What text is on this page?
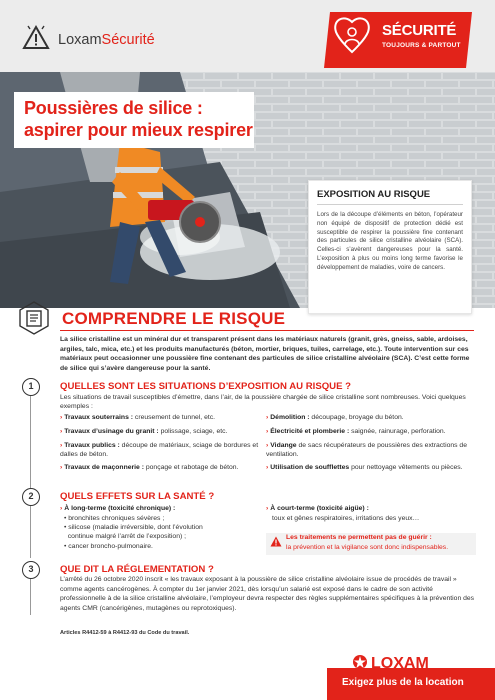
LoxamSécurité
SÉCURITÉ
TOUJOURS & PARTOUT
Poussières de silice :
aspirer pour mieux respirer
EXPOSITION AU RISQUE
Lors de la découpe d’éléments en béton, l’opérateur non équipé de dispositif de protection dédié est susceptible de respirer la poussière fine contenant des particules de silice cristalline alvéolaire (SCA). Celles-ci s’avèrent dangereuses pour la santé. L’exposition à plus ou moins long terme favorise le développement de maladies, voire de cancers.
COMPRENDRE LE RISQUE
La silice cristalline est un minéral dur et transparent présent dans les matériaux naturels (granit, grès, gneiss, sable, ardoises, argiles, talc, mica, etc.) et les produits manufacturés (béton, mortier, briques, tuiles, carrelage, etc.). Toute intervention sur ces matériaux peut occasionner une poussière fine contenant des particules de silice cristalline alvéolaire (SCA). C’est cette forme de silice qui s’avère dangereuse pour la santé.
1	QUELLES SONT LES SITUATIONS D’EXPOSITION AU RISQUE ?
Les situations de travail susceptibles d’émettre, dans l’air, de la poussière chargée de silice cristalline sont nombreuses. Voici quelques exemples :
› Travaux souterrains : creusement de tunnel, etc.
› Travaux d’usinage du granit : polissage, sciage, etc.
› Travaux publics : découpe de matériaux, sciage de bordures et dalles de béton.
› Travaux de maçonnerie : ponçage et rabotage de béton.
› Démolition : découpage, broyage du béton.
› Électricité et plomberie : saignée, rainurage, perforation.
› Vidange de sacs récupérateurs de poussières des extractions de ventilation.
› Utilisation de soufflettes pour nettoyage vêtements ou pièces.
2	QUELS EFFETS SUR LA SANTÉ ?
› À long-terme (toxicité chronique) :
• bronchites chroniques sévères ;
• silicose (maladie irréversible, dont l’évolution
continue malgré l’arrêt de l’exposition) ;
• cancer broncho-pulmonaire.
› À court-terme (toxicité aigüe) :
toux et gênes respiratoires, irritations des yeux…
Les traitements ne permettent pas de guérir :
la prévention et la vigilance sont donc indispensables.
3	QUE DIT LA RÉGLEMENTATION ?
L’arrêté du 26 octobre 2020 inscrit « les travaux exposant à la poussière de silice cristalline alvéolaire issue de procédés de travail » comme agents cancérogènes. À compter du 1er janvier 2021, dès lorsqu’un salarié est exposé dans le cadre de son activité professionnelle à de la silice cristalline alvéolaire, l’employeur devra respecter des règles supplémentaires spécifiques à la prévention des agents CMR (cancérigènes, mutagènes ou reprotoxiques).
Articles R4412-59 à R4412-93 du Code du travail.
LOXAM
Exigez plus de la location
